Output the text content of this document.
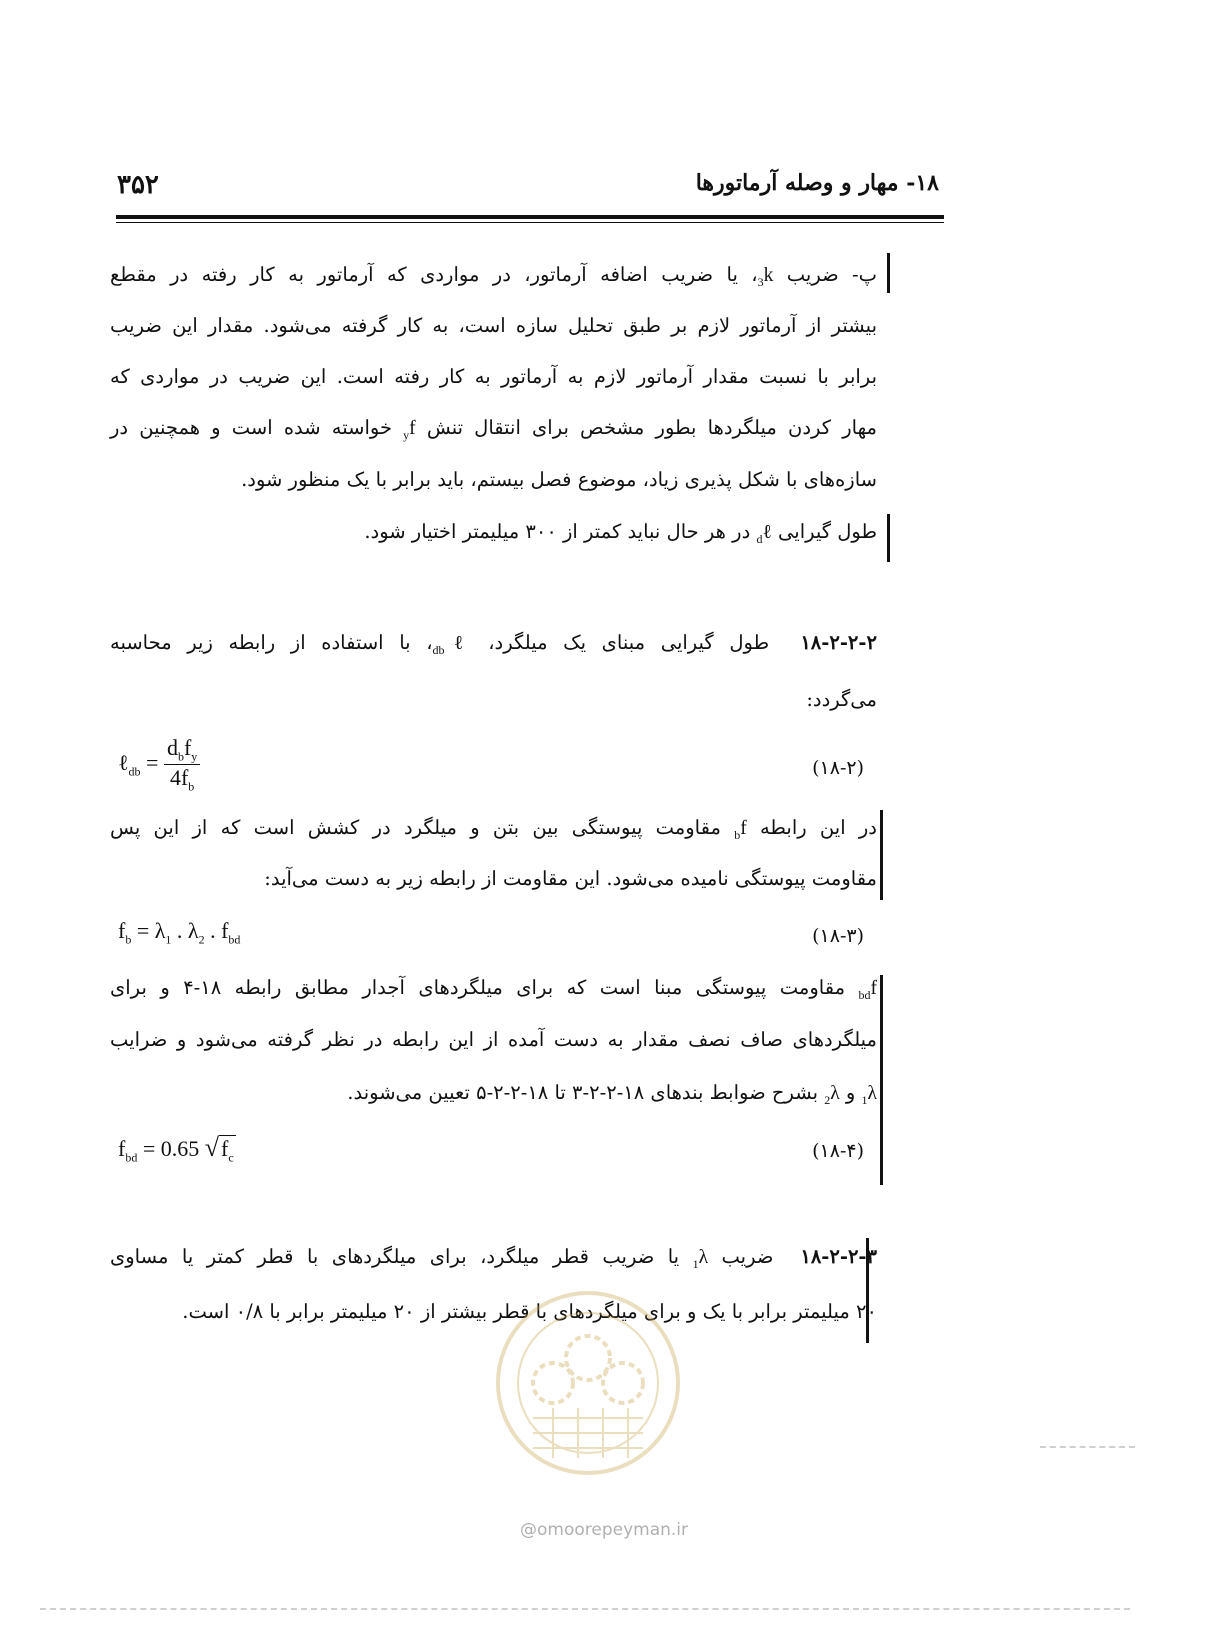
۳۵۲	۱۸- مهار و وصله آرماتورها
پ- ضریب $k_3،$ یا ضریب اضافه آرماتور، در مواردی که آرماتور به کار رفته در مقطع
بیشتر از آرماتور لازم بر طبق تحلیل سازه است، به کار گرفته می‌شود. مقدار این ضریب
برابر با نسبت مقدار آرماتور لازم به آرماتور به کار رفته است. این ضریب در مواردی که
مهار کردن میلگردها بطور مشخص برای انتقال تنش $f_y$ خواسته شده است و همچنین در
سازه‌های با شکل پذیری زیاد، موضوع فصل بیستم، باید برابر با یک منظور شود.
طول گیرایی ℓ$_d$ در هر حال نباید کمتر از ۳۰۰ میلیمتر اختیار شود.
۱۸-۲-۲-۲  طول گیرایی مبنای یک میلگرد، ℓ$_{db}$، با استفاده از رابطه زیر محاسبه
می‌گردد:
ℓ$_{db}$ = $\frac{d_bf_y}{4f_b}$	(۱۸-۲)
در این رابطه $f_b$ مقاومت پیوستگی بین بتن و میلگرد در کشش است که از این پس
مقاومت پیوستگی نامیده می‌شود. این مقاومت از رابطه زیر به دست می‌آید:
$f_b = \lambda_1$ . $\lambda_2$ . $f_{bd}$	(۱۸-۳)
$f_{bd}$ مقاومت پیوستگی مبنا است که برای میلگردهای آجدار مطابق رابطه ۱۸-۴ و برای
میلگردهای صاف نصف مقدار به دست آمده از این رابطه در نظر گرفته می‌شود و ضرایب
$\lambda_1$ و $\lambda_2$ بشرح ضوابط بندهای ۱۸-۲-۲-۳ تا ۱۸-۲-۲-۵ تعیین می‌شوند.
$f_{bd} = 0.65$ $√f_c$	(۱۸-۴)
۱۸-۲-۲-۳  ضریب $\lambda_1$ یا ضریب قطر میلگرد، برای میلگردهای با قطر کمتر یا مساوی
۲۰ میلیمتر برابر با یک و برای میلگردهای با قطر بیشتر از ۲۰ میلیمتر برابر با ۰/۸ است.
@omoorepeyman.ir
